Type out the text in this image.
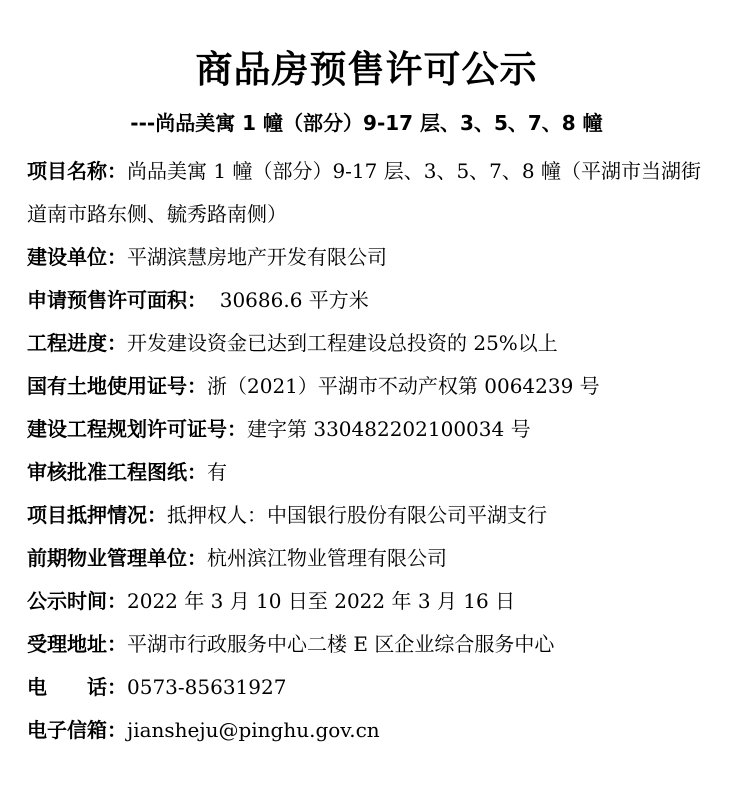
商品房预售许可公示
---尚品美寓 1 幢（部分）9-17 层、3、5、7、8 幢
项目名称：尚品美寓 1 幢（部分）9-17 层、3、5、7、8 幢（平湖市当湖街道南市路东侧、毓秀路南侧）
建设单位：平湖滨慧房地产开发有限公司
申请预售许可面积： 30686.6 平方米
工程进度：开发建设资金已达到工程建设总投资的 25%以上
国有土地使用证号：浙（2021）平湖市不动产权第 0064239 号
建设工程规划许可证号：建字第 330482202100034 号
审核批准工程图纸：有
项目抵押情况：抵押权人：中国银行股份有限公司平湖支行
前期物业管理单位：杭州滨江物业管理有限公司
公示时间：2022 年 3 月 10 日至 2022 年 3 月 16 日
受理地址：平湖市行政服务中心二楼 E 区企业综合服务中心
电 话：0573-85631927
电子信箱：jiansheju@pinghu.gov.cn
